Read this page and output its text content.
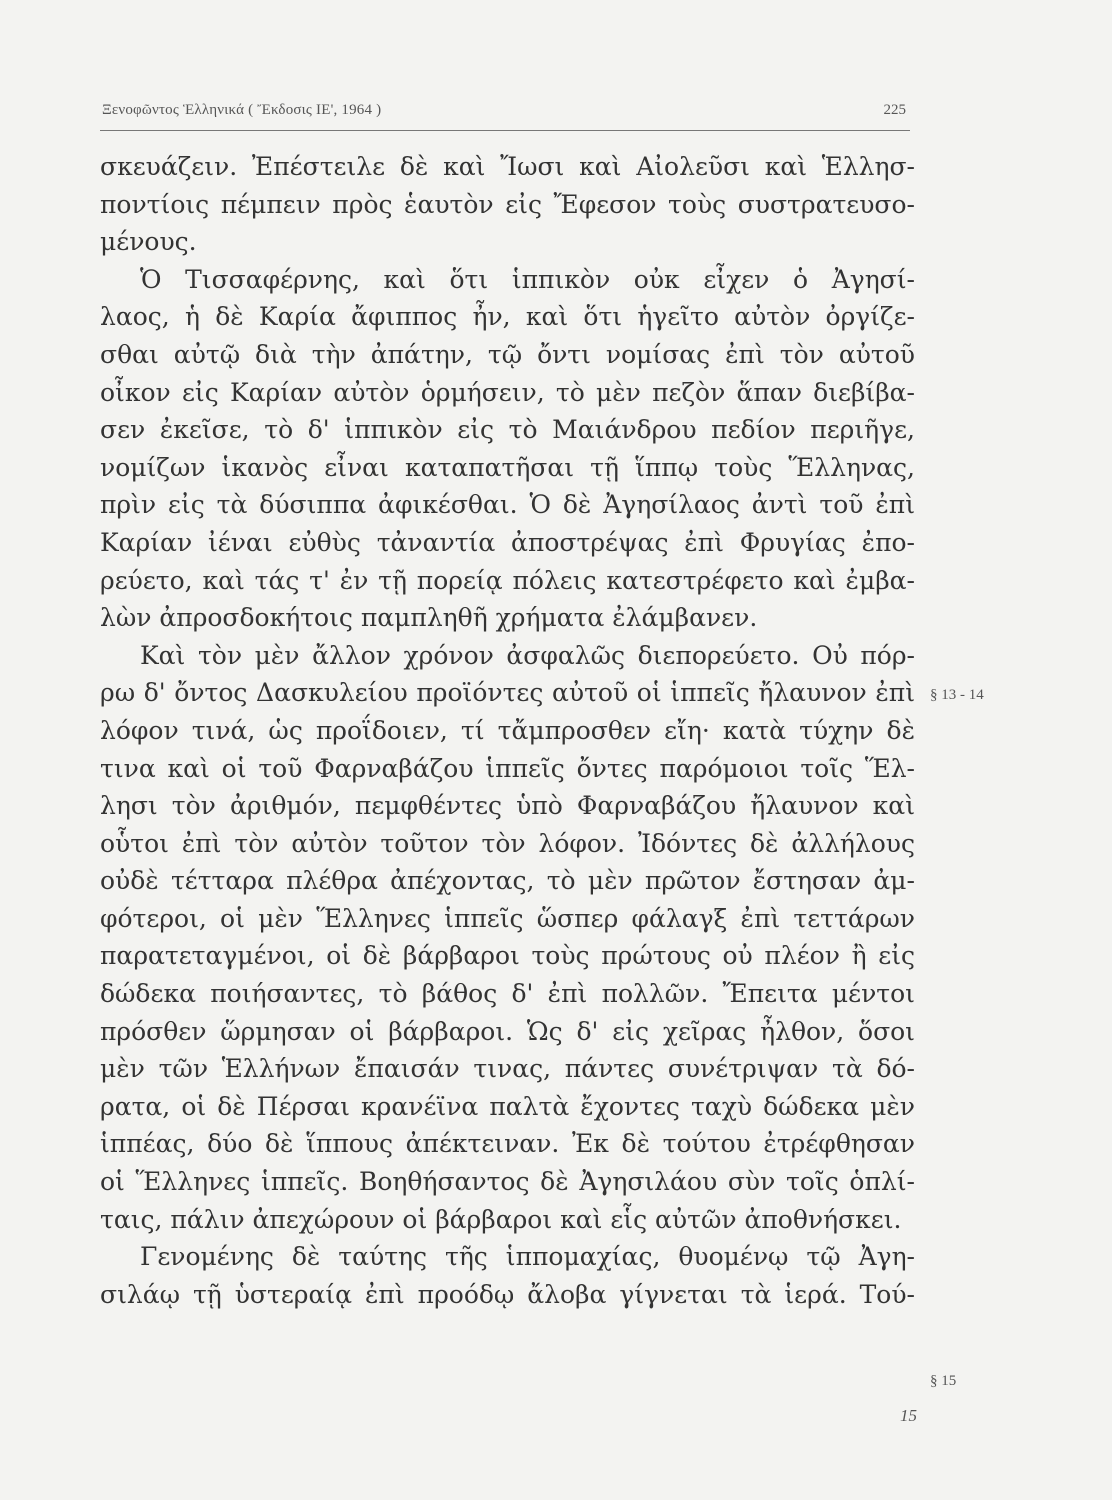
Ξενοφῶντος Ἑλληνικά ( Ἔκδοσις ΙΕ', 1964 )	225
σκευάζειν. Ἐπέστειλε δὲ καὶ Ἴωσι καὶ Αἰολεῦσι καὶ Ἑλλησ-
ποντίοις πέμπειν πρὸς ἑαυτὸν εἰς Ἔφεσον τοὺς συστρατευσο-
μένους.
Ὁ Τισσαφέρνης, καὶ ὅτι ἱππικὸν οὐκ εἶχεν ὁ Ἀγησί-
λαος, ἡ δὲ Καρία ἄφιππος ἦν, καὶ ὅτι ἡγεῖτο αὐτὸν ὀργίζε-
σθαι αὐτῷ διὰ τὴν ἀπάτην, τῷ ὄντι νομίσας ἐπὶ τὸν αὐτοῦ
οἶκον εἰς Καρίαν αὐτὸν ὁρμήσειν, τὸ μὲν πεζὸν ἅπαν διεβίβα-
σεν ἐκεῖσε, τὸ δ' ἱππικὸν εἰς τὸ Μαιάνδρου πεδίον περιῆγε,
νομίζων ἱκανὸς εἶναι καταπατῆσαι τῇ ἵππῳ τοὺς Ἕλληνας,
πρὶν εἰς τὰ δύσιππα ἀφικέσθαι. Ὁ δὲ Ἀγησίλαος ἀντὶ τοῦ ἐπὶ
Καρίαν ἰέναι εὐθὺς τἀναντία ἀποστρέψας ἐπὶ Φρυγίας ἐπο-
ρεύετο, καὶ τάς τ' ἐν τῇ πορείᾳ πόλεις κατεστρέφετο καὶ ἐμβα-
λὼν ἀπροσδοκήτοις παμπληθῆ χρήματα ἐλάμβανεν.
Καὶ τὸν μὲν ἄλλον χρόνον ἀσφαλῶς διεπορεύετο. Οὐ πόρ-
ρω δ' ὄντος Δασκυλείου προϊόντες αὐτοῦ οἱ ἱππεῖς ἤλαυνον ἐπὶ
λόφον τινά, ὡς προΐδοιεν, τί τἄμπροσθεν εἴη· κατὰ τύχην δὲ
τινα καὶ οἱ τοῦ Φαρναβάζου ἱππεῖς ὄντες παρόμοιοι τοῖς Ἕλ-
λησι τὸν ἀριθμόν, πεμφθέντες ὑπὸ Φαρναβάζου ἤλαυνον καὶ
οὗτοι ἐπὶ τὸν αὐτὸν τοῦτον τὸν λόφον. Ἰδόντες δὲ ἀλλήλους
οὐδὲ τέτταρα πλέθρα ἀπέχοντας, τὸ μὲν πρῶτον ἔστησαν ἀμ-
φότεροι, οἱ μὲν Ἕλληνες ἱππεῖς ὥσπερ φάλαγξ ἐπὶ τεττάρων
παρατεταγμένοι, οἱ δὲ βάρβαροι τοὺς πρώτους οὐ πλέον ἢ εἰς
δώδεκα ποιήσαντες, τὸ βάθος δ' ἐπὶ πολλῶν. Ἔπειτα μέντοι
πρόσθεν ὥρμησαν οἱ βάρβαροι. Ὡς δ' εἰς χεῖρας ἦλθον, ὅσοι
μὲν τῶν Ἑλλήνων ἔπαισάν τινας, πάντες συνέτριψαν τὰ δό-
ρατα, οἱ δὲ Πέρσαι κρανέϊνα παλτὰ ἔχοντες ταχὺ δώδεκα μὲν
ἱππέας, δύο δὲ ἵππους ἀπέκτειναν. Ἐκ δὲ τούτου ἐτρέφθησαν
οἱ Ἕλληνες ἱππεῖς. Βοηθήσαντος δὲ Ἀγησιλάου σὺν τοῖς ὁπλί-
ταις, πάλιν ἀπεχώρουν οἱ βάρβαροι καὶ εἷς αὐτῶν ἀποθνήσκει.
Γενομένης δὲ ταύτης τῆς ἱππομαχίας, θυομένῳ τῷ Ἀγη-
σιλάῳ τῇ ὑστεραίᾳ ἐπὶ προόδῳ ἄλοβα γίγνεται τὰ ἱερά. Τού-
§ 13 - 14
§ 15
15
